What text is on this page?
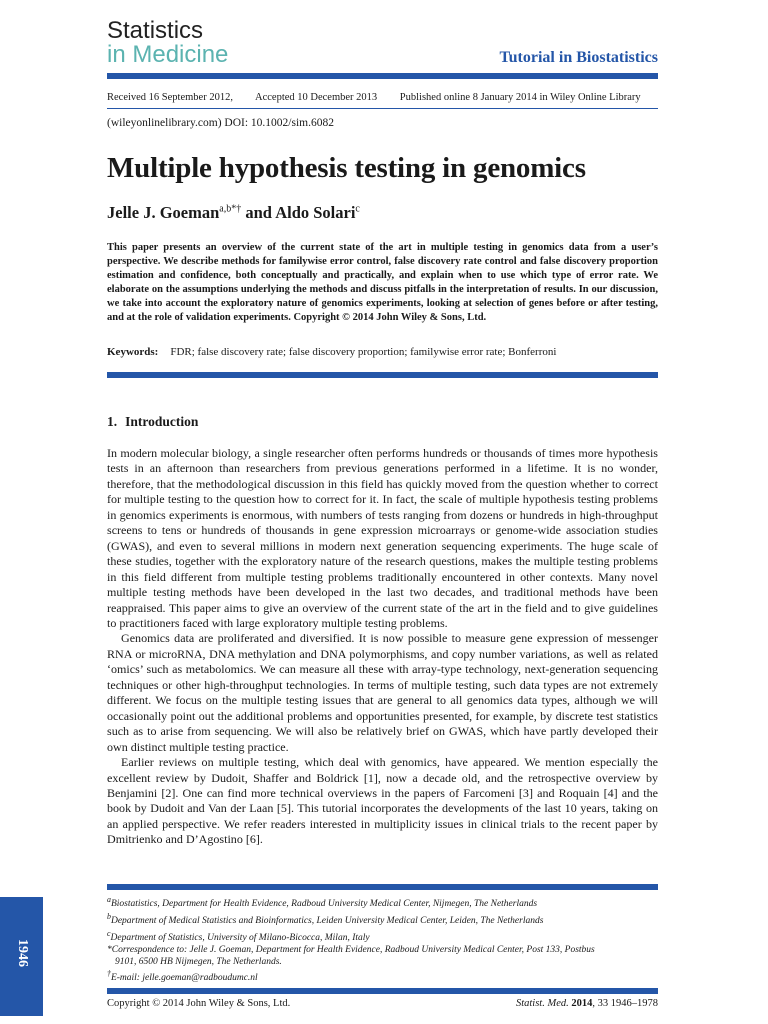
Statistics
in Medicine	Tutorial in Biostatistics
Received 16 September 2012, Accepted 10 December 2013 Published online 8 January 2014 in Wiley Online Library
(wileyonlinelibrary.com) DOI: 10.1002/sim.6082
Multiple hypothesis testing in genomics
Jelle J. Goeman$^{a,b*\dagger}$ and Aldo Solari$^c$
This paper presents an overview of the current state of the art in multiple testing in genomics data from a user’s perspective. We describe methods for familywise error control, false discovery rate control and false discovery proportion estimation and confidence, both conceptually and practically, and explain when to use which type of error rate. We elaborate on the assumptions underlying the methods and discuss pitfalls in the interpretation of results. In our discussion, we take into account the exploratory nature of genomics experiments, looking at selection of genes before or after testing, and at the role of validation experiments. Copyright © 2014 John Wiley & Sons, Ltd.
Keywords: FDR; false discovery rate; false discovery proportion; familywise error rate; Bonferroni
1. Introduction

In modern molecular biology, a single researcher often performs hundreds or thousands of times more hypothesis tests in an afternoon than researchers from previous generations performed in a lifetime. It is no wonder, therefore, that the methodological discussion in this field has quickly moved from the question whether to correct for multiple testing to the question how to correct for it. In fact, the scale of multiple hypothesis testing problems in genomics experiments is enormous, with numbers of tests ranging from dozens or hundreds in high-throughput screens to tens or hundreds of thousands in gene expression microarrays or genome-wide association studies (GWAS), and even to several millions in modern next generation sequencing experiments. The huge scale of these studies, together with the exploratory nature of the research questions, makes the multiple testing problems in this field different from multiple testing problems traditionally encountered in other contexts. Many novel multiple testing methods have been developed in the last two decades, and traditional methods have been reappraised. This paper aims to give an overview of the current state of the art in the field and to give guidelines to practitioners faced with large exploratory multiple testing problems.

Genomics data are proliferated and diversified. It is now possible to measure gene expression of messenger RNA or microRNA, DNA methylation and DNA polymorphisms, and copy number variations, as well as related ‘omics’ such as metabolomics. We can measure all these with array-type technology, next-generation sequencing techniques or other high-throughput technologies. In terms of multiple testing, such data types are not extremely different. We focus on the multiple testing issues that are general to all genomics data types, although we will occasionally point out the additional problems and opportunities presented, for example, by discrete test statistics such as to arise from sequencing. We will also be relatively brief on GWAS, which have partly developed their own distinct multiple testing practice.

Earlier reviews on multiple testing, which deal with genomics, have appeared. We mention especially the excellent review by Dudoit, Shaffer and Boldrick [1], now a decade old, and the retrospective overview by Benjamini [2]. One can find more technical overviews in the papers of Farcomeni [3] and Roquain [4] and the book by Dudoit and Van der Laan [5]. This tutorial incorporates the developments of the last 10 years, taking on an applied perspective. We refer readers interested in multiplicity issues in clinical trials to the recent paper by Dmitrienko and D’Agostino [6].

$^a$Biostatistics, Department for Health Evidence, Radboud University Medical Center, Nijmegen, The Netherlands
$^b$Department of Medical Statistics and Bioinformatics, Leiden University Medical Center, Leiden, The Netherlands
$^c$Department of Statistics, University of Milano-Bicocca, Milan, Italy
*Correspondence to: Jelle J. Goeman, Department for Health Evidence, Radboud University Medical Center, Post 133, Postbus
9101, 6500 HB Nijmegen, The Netherlands.
†E-mail: jelle.goeman@radboudumc.nl
1946
Copyright © 2014 John Wiley & Sons, Ltd.	Statist. Med. 2014, 33 1946–1978
